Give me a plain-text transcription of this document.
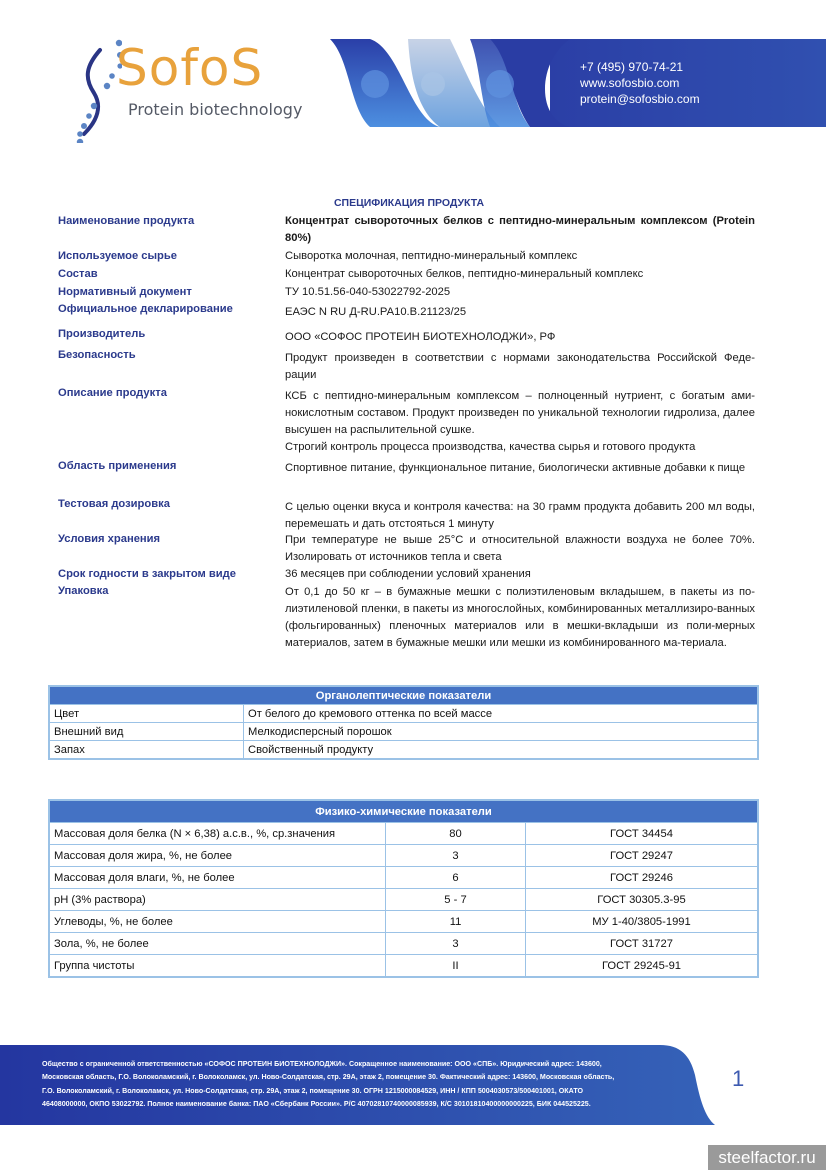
SofoS
Protein biotechnology
+7 (495) 970-74-21
www.sofosbio.com
protein@sofosbio.com
СПЕЦИФИКАЦИЯ ПРОДУКТА
Наименование продукта	Концентрат сывороточных белков с пептидно-минеральным комплексом (Protein 80%)
Используемое сырье	Сыворотка молочная, пептидно-минеральный комплекс
Состав	Концентрат сывороточных белков, пептидно-минеральный комплекс
Нормативный документ	ТУ 10.51.56-040-53022792-2025
Официальное декларирование	ЕАЭС N RU Д-RU.РА10.В.21123/25
Производитель	ООО «СОФОС ПРОТЕИН БИОТЕХНОЛОДЖИ», РФ
Безопасность	Продукт произведен в соответствии с нормами законодательства Российской Феде-рации
Описание продукта	КСБ с пептидно-минеральным комплексом – полноценный нутриент, с богатым ами-нокислотным составом. Продукт произведен по уникальной технологии гидролиза, далее высушен на распылительной сушке.

Строгий контроль процесса производства, качества сырья и готового продукта

Область применения	Спортивное питание, функциональное питание, биологически активные добавки к пище
Тестовая дозировка	С целью оценки вкуса и контроля качества: на 30 грамм продукта добавить 200 мл воды, перемешать и дать отстояться 1 минуту
Условия хранения	При температуре не выше 25°С и относительной влажности воздуха не более 70%. Изолировать от источников тепла и света
Срок годности в закрытом виде	36 месяцев при соблюдении условий хранения
Упаковка	От 0,1 до 50 кг – в бумажные мешки с полиэтиленовым вкладышем, в пакеты из по-лиэтиленовой пленки, в пакеты из многослойных, комбинированных металлизиро-ванных (фольгированных) пленочных материалов или в мешки-вкладыши из поли-мерных материалов, затем в бумажные мешки или мешки из комбинированного ма-териала.
Органолептические показатели	
Цвет	От белого до кремового оттенка по всей массе
Внешний вид	Мелкодисперсный порошок
Запах	Свойственный продукту
Физико-химические показатели		
Массовая доля белка (N × 6,38) а.с.в., %, ср.значения	80	ГОСТ 34454
Массовая доля жира, %, не более	3	ГОСТ 29247
Массовая доля влаги, %, не более	6	ГОСТ 29246
pH (3% раствора)	5 - 7	ГОСТ 30305.3-95
Углеводы, %, не более	11	МУ 1-40/3805-1991
Зола, %, не более	3	ГОСТ 31727
Группа чистоты	II	ГОСТ 29245-91
Общество с ограниченной ответственностью «СОФОС ПРОТЕИН БИОТЕХНОЛОДЖИ». Сокращенное наименование: ООО «СПБ». Юридический адрес: 143600,
Московская область, Г.О. Волоколамский, г. Волоколамск, ул. Ново-Солдатская, стр. 29А, этаж 2, помещение 30. Фактический адрес: 143600, Московская область,
Г.О. Волоколамский, г. Волоколамск, ул. Ново-Солдатская, стр. 29А, этаж 2, помещение 30. ОГРН 1215000084529, ИНН / КПП 5004030573/500401001, ОКАТО
46408000000, ОКПО 53022792. Полное наименование банка: ПАО «Сбербанк России». Р/С 40702810740000085939, К/С 30101810400000000225, БИК 044525225.
1
steelfactor.ru
